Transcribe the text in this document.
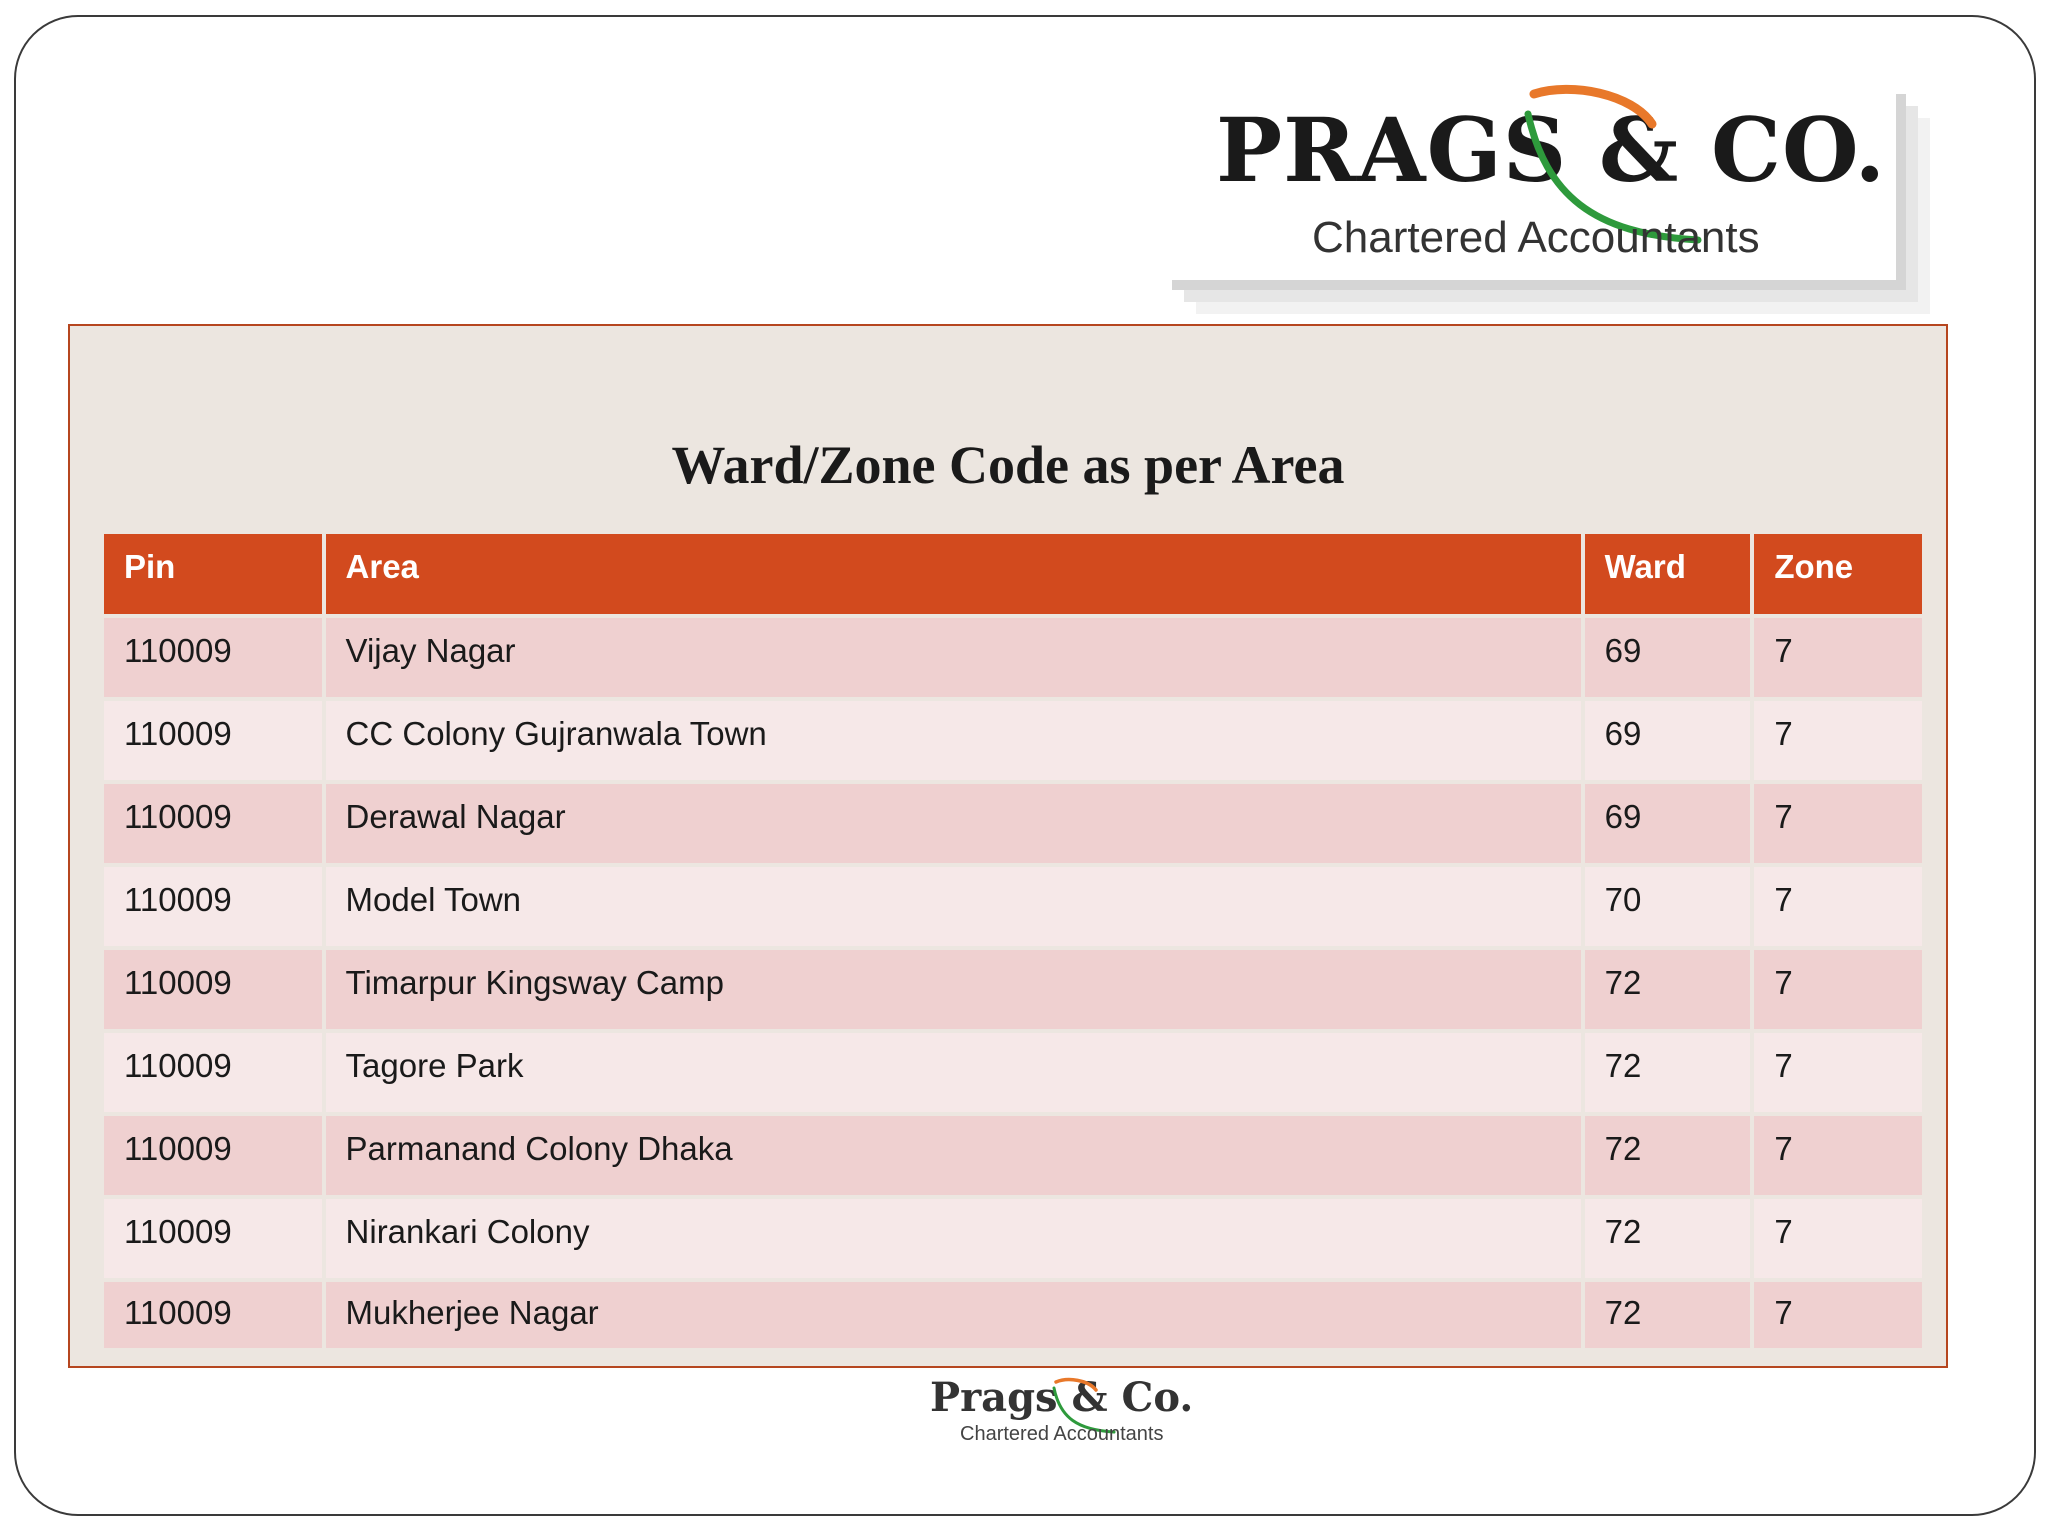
PRAGS & CO.
Chartered Accountants
Ward/Zone Code as per Area
Pin	Area	Ward	Zone
110009	Vijay Nagar	69	7
110009	CC Colony Gujranwala Town	69	7
110009	Derawal Nagar	69	7
110009	Model Town	70	7
110009	Timarpur Kingsway Camp	72	7
110009	Tagore Park	72	7
110009	Parmanand Colony Dhaka	72	7
110009	Nirankari Colony	72	7
110009	Mukherjee Nagar	72	7
Prags & Co.
Chartered Accountants
